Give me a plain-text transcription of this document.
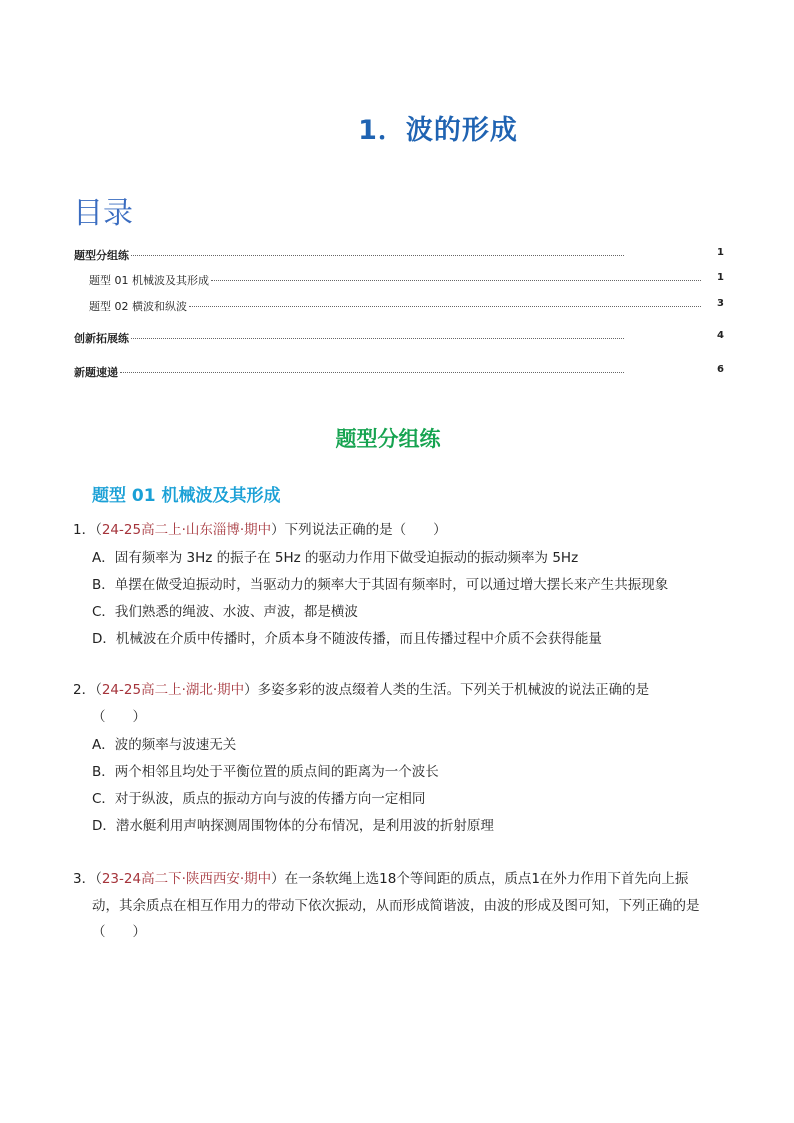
1．波的形成
目录
题型分组练	1
题型 01 机械波及其形成	1
题型 02 横波和纵波	3
创新拓展练	4
新题速递	6
题型分组练
题型 01 机械波及其形成
1．（24-25高二上·山东淄博·期中）下列说法正确的是（　　）
A．固有频率为 3Hz 的振子在 5Hz 的驱动力作用下做受迫振动的振动频率为 5Hz
B．单摆在做受迫振动时，当驱动力的频率大于其固有频率时，可以通过增大摆长来产生共振现象
C．我们熟悉的绳波、水波、声波，都是横波
D．机械波在介质中传播时，介质本身不随波传播，而且传播过程中介质不会获得能量
2．（24-25高二上·湖北·期中）多姿多彩的波点缀着人类的生活。下列关于机械波的说法正确的是
（　　）
A．波的频率与波速无关
B．两个相邻且均处于平衡位置的质点间的距离为一个波长
C．对于纵波，质点的振动方向与波的传播方向一定相同
D．潜水艇利用声呐探测周围物体的分布情况，是利用波的折射原理
3．（23-24高二下·陕西西安·期中）在一条软绳上选18个等间距的质点，质点1在外力作用下首先向上振
动，其余质点在相互作用力的带动下依次振动，从而形成简谐波，由波的形成及图可知，下列正确的是（　　）
